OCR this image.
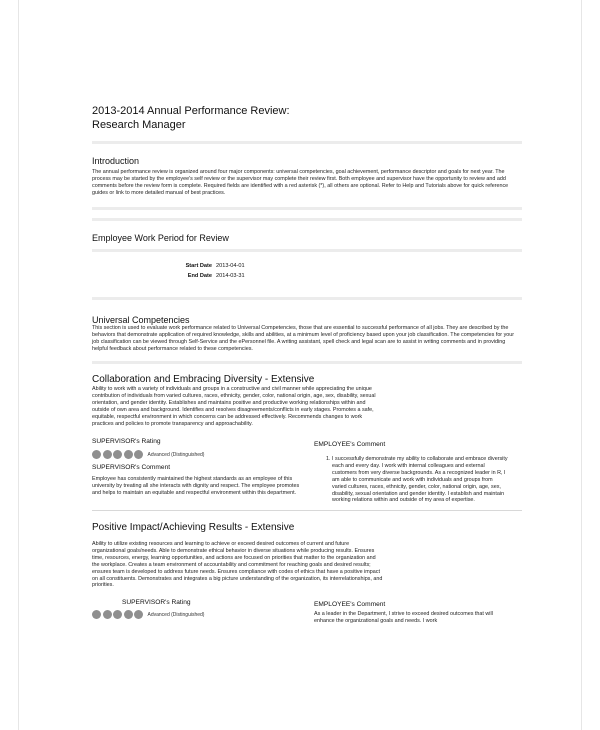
2013-2014 Annual Performance Review:
Research Manager
Introduction
The annual performance review is organized around four major components: universal competencies, goal achievement, performance descriptor and goals for next year. The process may be started by the employee's self review or the supervisor may complete their review first. Both employee and supervisor have the opportunity to review and add comments before the review form is complete. Required fields are identified with a red asterisk (*), all others are optional. Refer to Help and Tutorials above for quick reference guides or link to more detailed manual of best practices.
Employee Work Period for Review
Start Date 2013-04-01
End Date 2014-03-31
Universal Competencies
This section is used to evaluate work performance related to Universal Competencies, those that are essential to successful performance of all jobs. They are described by the behaviors that demonstrate application of required knowledge, skills and abilities, at a minimum level of proficiency based upon your job classification. The competencies for your job classification can be viewed through Self-Service and the ePersonnel file. A writing assistant, spell check and legal scan are to assist in writing comments and in providing helpful feedback about performance related to these competencies.
Collaboration and Embracing Diversity - Extensive
Ability to work with a variety of individuals and groups in a constructive and civil manner while appreciating the unique contribution of individuals from varied cultures, races, ethnicity, gender, color, national origin, age, sex, disability, sexual orientation, and gender identity. Establishes and maintains positive and productive working relationships within and outside of own area and background. Identifies and resolves disagreements/conflicts in early stages. Promotes a safe, equitable, respectful environment in which concerns can be addressed effectively. Recommends changes to work practices and policies to promote transparency and approachability.
SUPERVISOR's Rating
Advanced (Distinguished)
SUPERVISOR's Comment
Employee has consistently maintained the highest standards as an employee of this university by treating all she interacts with dignity and respect. The employee promotes and helps to maintain an equitable and respectful environment within this department.
EMPLOYEE's Comment
1. I successfully demonstrate my ability to collaborate and embrace diversity each and every day. I work with internal colleagues and external customers from very diverse backgrounds. As a recognized leader in R, I am able to communicate and work with individuals and groups from varied cultures, races, ethnicity, gender, color, national origin, age, sex, disability, sexual orientation and gender identity. I establish and maintain working relations within and outside of my area of expertise.
Positive Impact/Achieving Results - Extensive
Ability to utilize existing resources and learning to achieve or exceed desired outcomes of current and future organizational goals/needs. Able to demonstrate ethical behavior in diverse situations while producing results. Ensures time, resources, energy, learning opportunities, and actions are focused on priorities that matter to the organization and the workplace. Creates a team environment of accountability and commitment for reaching goals and desired results; ensures team is developed to address future needs. Ensures compliance with codes of ethics that have a positive impact on all constituents. Demonstrates and integrates a big picture understanding of the organization, its interrelationships, and priorities.
SUPERVISOR's Rating
Advanced (Distinguished)
EMPLOYEE's Comment
As a leader in the Department, I strive to exceed desired outcomes that will enhance the organizational goals and needs. I work
